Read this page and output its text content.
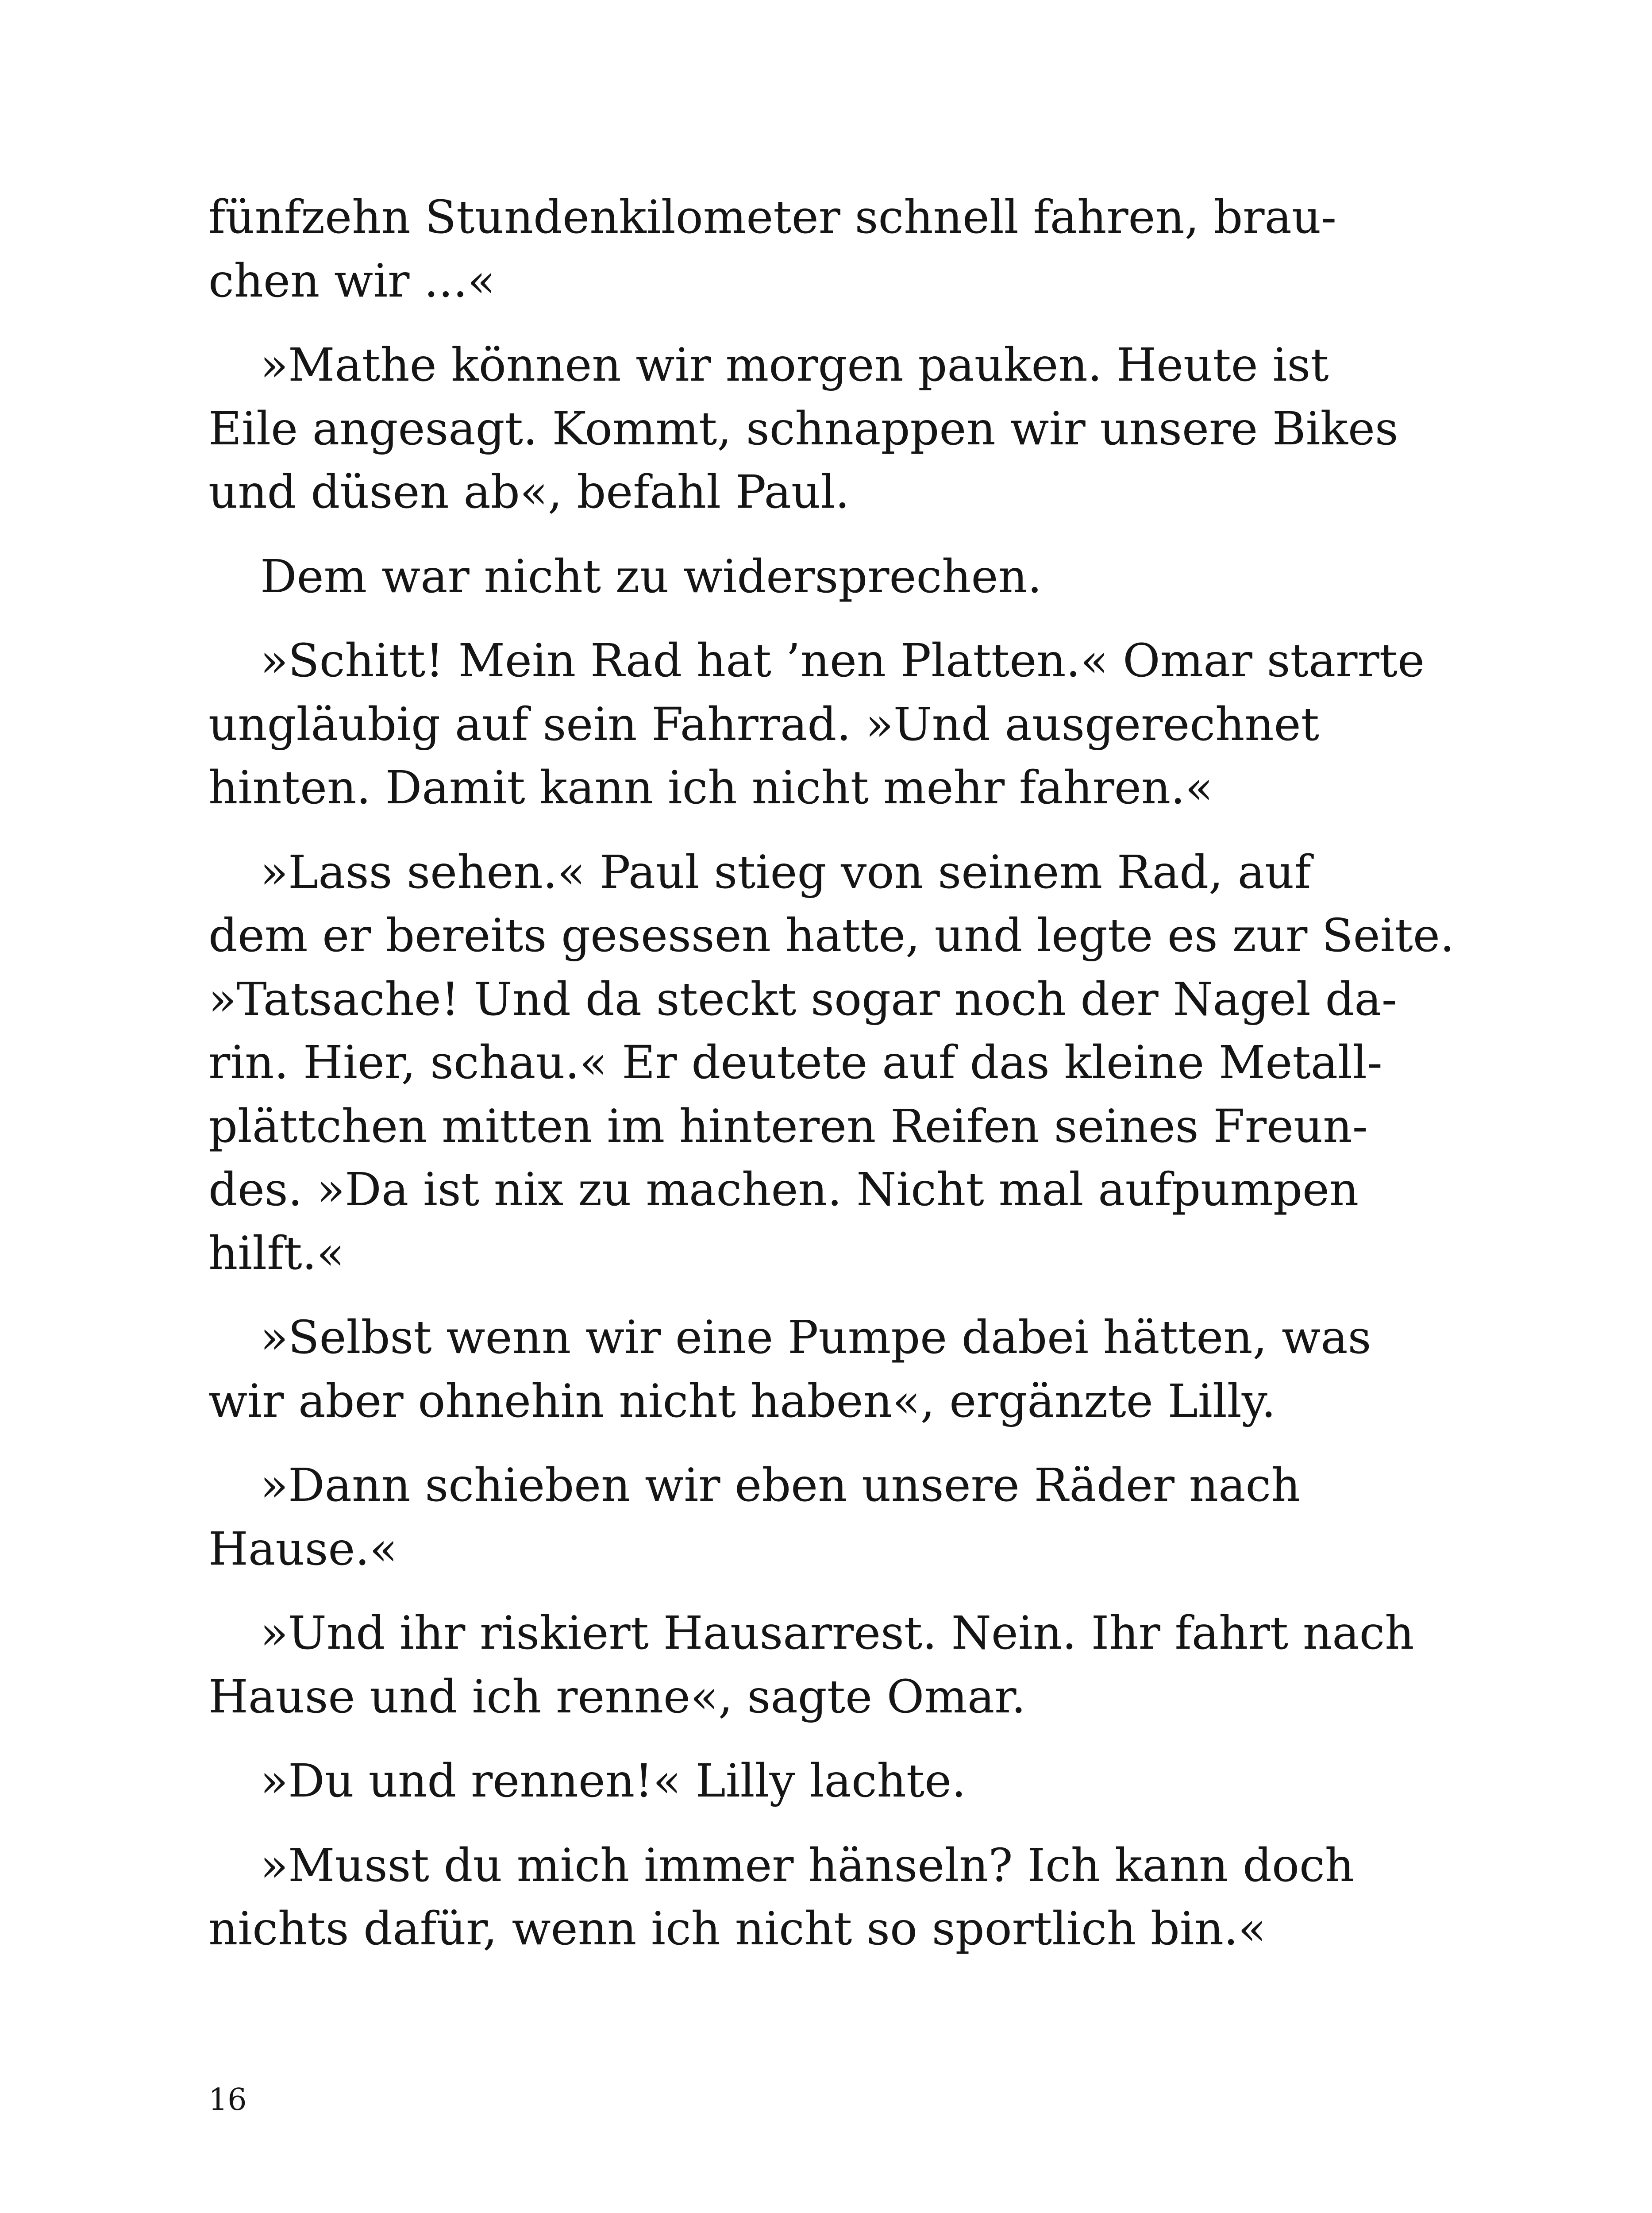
fünfzehn Stundenkilometer schnell fahren, brau-
chen wir ...«

»Mathe können wir morgen pauken. Heute ist
Eile angesagt. Kommt, schnappen wir unsere Bikes
und düsen ab«, befahl Paul.

Dem war nicht zu widersprechen.

»Schitt! Mein Rad hat ’nen Platten.« Omar starrte
ungläubig auf sein Fahrrad. »Und ausgerechnet
hinten. Damit kann ich nicht mehr fahren.«

»Lass sehen.« Paul stieg von seinem Rad, auf
dem er bereits gesessen hatte, und legte es zur Seite.
»Tatsache! Und da steckt sogar noch der Nagel da-
rin. Hier, schau.« Er deutete auf das kleine Metall-
plättchen mitten im hinteren Reifen seines Freun-
des. »Da ist nix zu machen. Nicht mal aufpumpen
hilft.«

»Selbst wenn wir eine Pumpe dabei hätten, was
wir aber ohnehin nicht haben«, ergänzte Lilly.

»Dann schieben wir eben unsere Räder nach
Hause.«

»Und ihr riskiert Hausarrest. Nein. Ihr fahrt nach
Hause und ich renne«, sagte Omar.

»Du und rennen!« Lilly lachte.

»Musst du mich immer hänseln? Ich kann doch
nichts dafür, wenn ich nicht so sportlich bin.«

16
